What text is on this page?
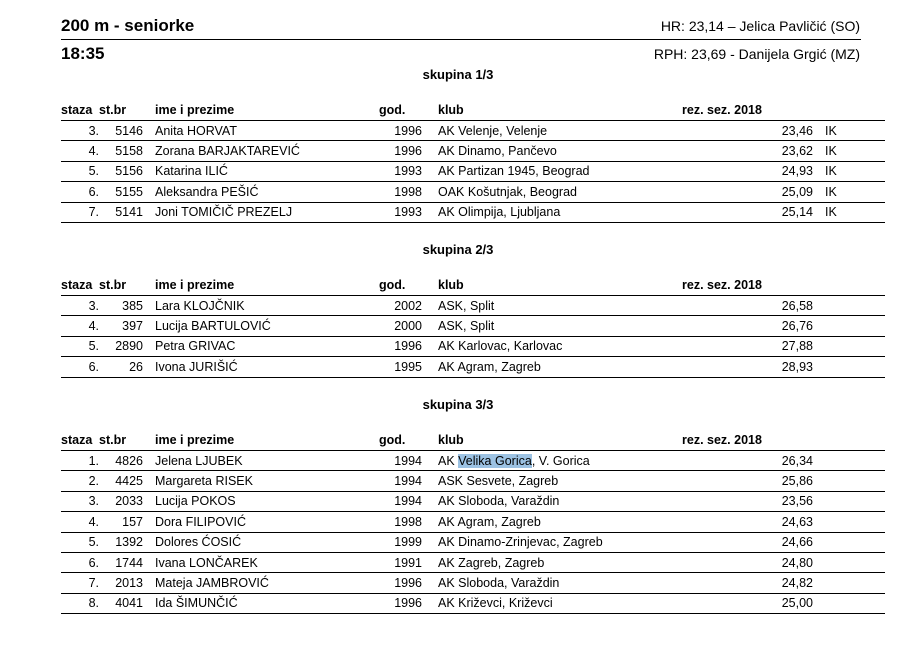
200 m - seniorke
18:35
HR: 23,14 – Jelica Pavličić (SO)
RPH: 23,69 - Danijela Grgić (MZ)
skupina 1/3
staza	st.br	ime i prezime	god.	klub	rez. sez. 2018	
3.	5146	Anita HORVAT	1996	AK Velenje, Velenje	23,46	IK
4.	5158	Zorana BARJAKTAREVIĆ	1996	AK Dinamo, Pančevo	23,62	IK
5.	5156	Katarina ILIĆ	1993	AK Partizan 1945, Beograd	24,93	IK
6.	5155	Aleksandra PEŠIĆ	1998	OAK Košutnjak, Beograd	25,09	IK
7.	5141	Joni TOMIČIČ PREZELJ	1993	AK Olimpija, Ljubljana	25,14	IK
skupina 2/3
staza	st.br	ime i prezime	god.	klub	rez. sez. 2018	
3.	385	Lara KLOJČNIK	2002	ASK, Split	26,58	
4.	397	Lucija BARTULOVIĆ	2000	ASK, Split	26,76	
5.	2890	Petra GRIVAC	1996	AK Karlovac, Karlovac	27,88	
6.	26	Ivona JURIŠIĆ	1995	AK Agram, Zagreb	28,93	
skupina 3/3
staza	st.br	ime i prezime	god.	klub	rez. sez. 2018	
1.	4826	Jelena LJUBEK	1994	AK Velika Gorica, V. Gorica	26,34	
2.	4425	Margareta RISEK	1994	ASK Sesvete, Zagreb	25,86	
3.	2033	Lucija POKOS	1994	AK Sloboda, Varaždin	23,56	
4.	157	Dora FILIPOVIĆ	1998	AK Agram, Zagreb	24,63	
5.	1392	Dolores ĆOSIĆ	1999	AK Dinamo-Zrinjevac, Zagreb	24,66	
6.	1744	Ivana LONČAREK	1991	AK Zagreb, Zagreb	24,80	
7.	2013	Mateja JAMBROVIĆ	1996	AK Sloboda, Varaždin	24,82	
8.	4041	Ida ŠIMUNČIĆ	1996	AK Križevci, Križevci	25,00	
